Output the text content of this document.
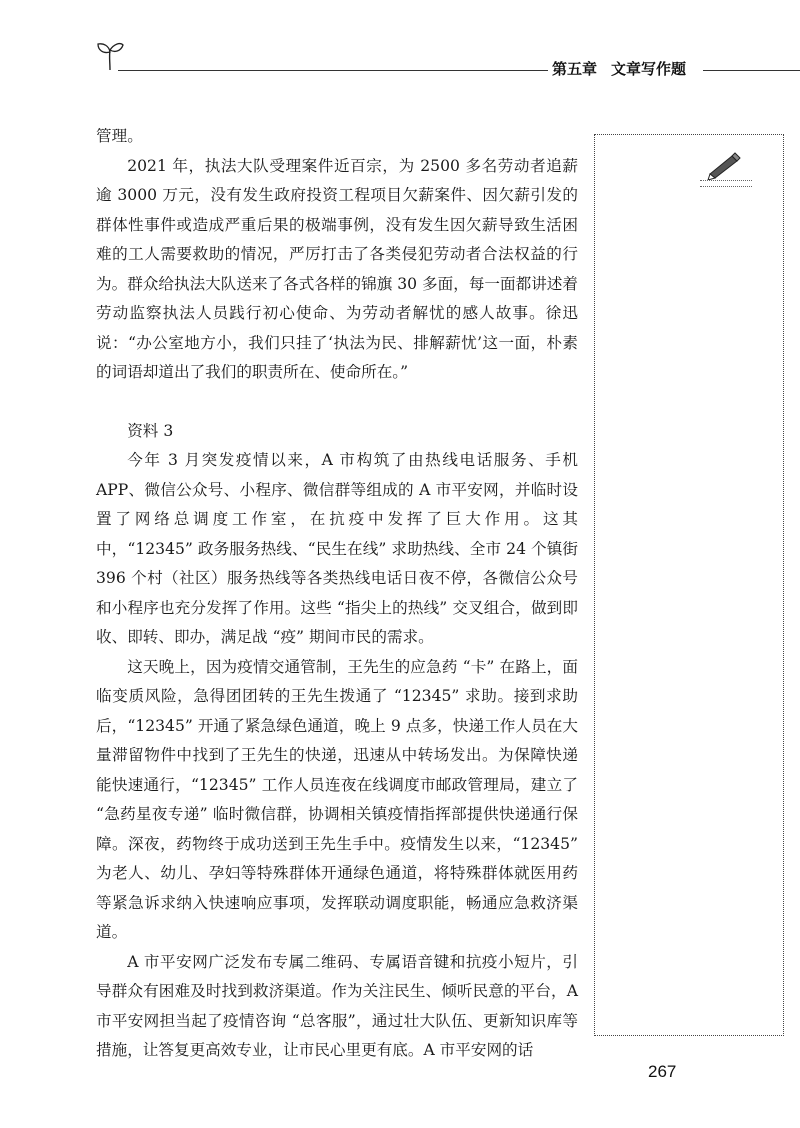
第五章 文章写作题

管理。

2021 年，执法大队受理案件近百宗，为 2500 多名劳动者追薪逾 3000 万元，没有发生政府投资工程项目欠薪案件、因欠薪引发的群体性事件或造成严重后果的极端事例，没有发生因欠薪导致生活困难的工人需要救助的情况，严厉打击了各类侵犯劳动者合法权益的行为。群众给执法大队送来了各式各样的锦旗 30 多面，每一面都讲述着劳动监察执法人员践行初心使命、为劳动者解忧的感人故事。徐迅说：“办公室地方小，我们只挂了‘执法为民、排解薪忧’这一面，朴素的词语却道出了我们的职责所在、使命所在。”

资料 3

今年 3 月突发疫情以来，A 市构筑了由热线电话服务、手机 APP、微信公众号、小程序、微信群等组成的 A 市平安网，并临时设置了网络总调度工作室，在抗疫中发挥了巨大作用。这其中，“12345” 政务服务热线、“民生在线” 求助热线、全市 24 个镇街 396 个村（社区）服务热线等各类热线电话日夜不停，各微信公众号和小程序也充分发挥了作用。这些 “指尖上的热线” 交叉组合，做到即收、即转、即办，满足战 “疫” 期间市民的需求。

这天晚上，因为疫情交通管制，王先生的应急药 “卡” 在路上，面临变质风险，急得团团转的王先生拨通了 “12345” 求助。接到求助后，“12345” 开通了紧急绿色通道，晚上 9 点多，快递工作人员在大量滞留物件中找到了王先生的快递，迅速从中转场发出。为保障快递能快速通行，“12345” 工作人员连夜在线调度市邮政管理局，建立了 “急药星夜专递” 临时微信群，协调相关镇疫情指挥部提供快递通行保障。深夜，药物终于成功送到王先生手中。疫情发生以来，“12345” 为老人、幼儿、孕妇等特殊群体开通绿色通道，将特殊群体就医用药等紧急诉求纳入快速响应事项，发挥联动调度职能，畅通应急救济渠道。

A 市平安网广泛发布专属二维码、专属语音键和抗疫小短片，引导群众有困难及时找到救济渠道。作为关注民生、倾听民意的平台，A 市平安网担当起了疫情咨询 “总客服”，通过壮大队伍、更新知识库等措施，让答复更高效专业，让市民心里更有底。A 市平安网的话

267
